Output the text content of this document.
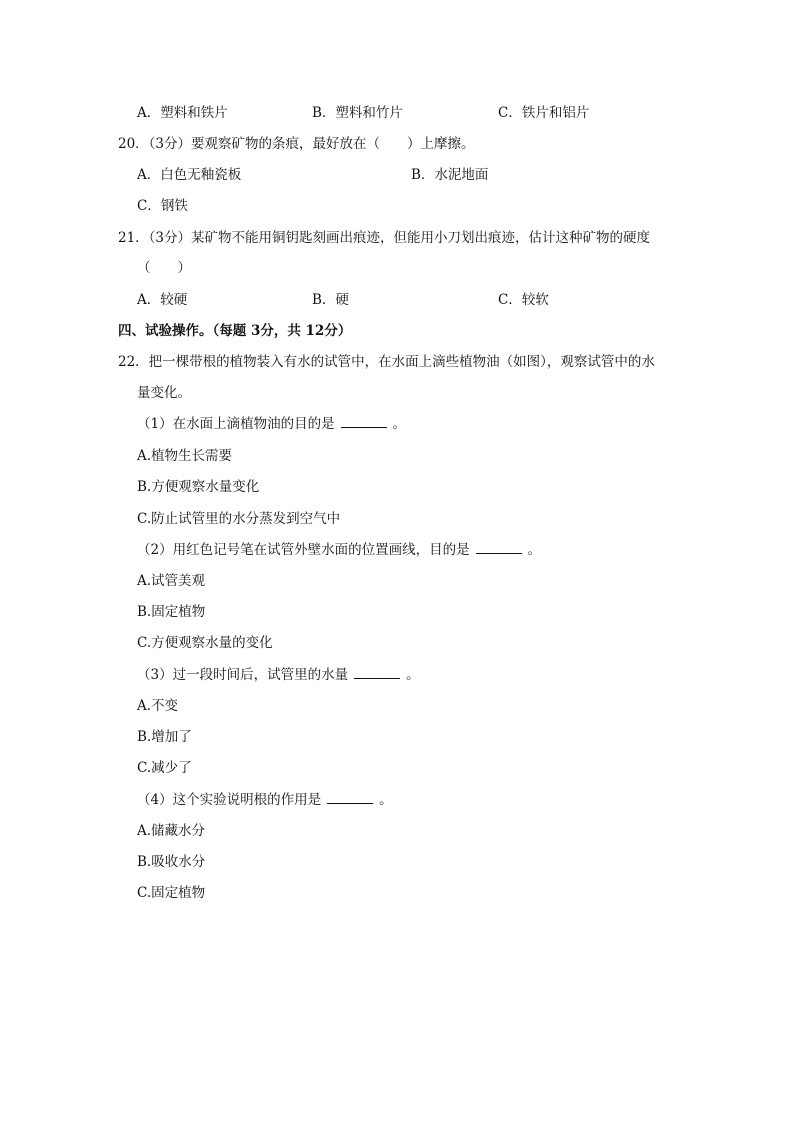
A．塑料和铁片	B．塑料和竹片	C．铁片和铝片
20．（3分）要观察矿物的条痕，最好放在（　　）上摩擦。
A．白色无釉瓷板	B．水泥地面
C．钢铁
21．（3分）某矿物不能用铜钥匙刻画出痕迹，但能用小刀划出痕迹，估计这种矿物的硬度
（　　）
A．较硬	B．硬	C．较软
四、试验操作。（每题 3分，共 12分）
22．把一棵带根的植物装入有水的试管中，在水面上滴些植物油（如图），观察试管中的水
量变化。
（1）在水面上滴植物油的目的是	。
A.植物生长需要
B.方便观察水量变化
C.防止试管里的水分蒸发到空气中
（2）用红色记号笔在试管外壁水面的位置画线，目的是	。
A.试管美观
B.固定植物
C.方便观察水量的变化
（3）过一段时间后，试管里的水量	。
A.不变
B.增加了
C.减少了
（4）这个实验说明根的作用是	。
A.储藏水分
B.吸收水分
C.固定植物
